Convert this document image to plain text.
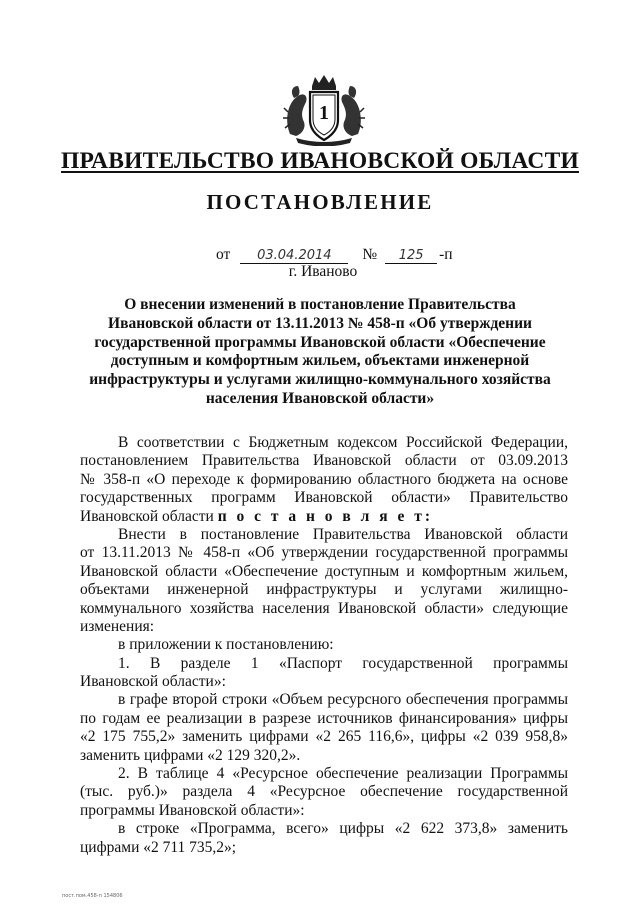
1
ПРАВИТЕЛЬСТВО ИВАНОВСКОЙ ОБЛАСТИ
ПОСТАНОВЛЕНИЕ
от	03.04.2014	№	125	-п
г. Иваново
О внесении изменений в постановление Правительства
Ивановской области от 13.11.2013 № 458-п «Об утверждении
государственной программы Ивановской области «Обеспечение
доступным и комфортным жильем, объектами инженерной
инфраструктуры и услугами жилищно-коммунального хозяйства
населения Ивановской области»
В соответствии с Бюджетным кодексом Российской Федерации,
постановлением Правительства Ивановской области от 03.09.2013
№ 358-п «О переходе к формированию областного бюджета на основе
государственных программ Ивановской области» Правительство
Ивановской области п о с т а н о в л я е т:
Внести в постановление Правительства Ивановской области
от 13.11.2013 № 458-п «Об утверждении государственной программы
Ивановской области «Обеспечение доступным и комфортным жильем,
объектами инженерной инфраструктуры и услугами жилищно-
коммунального хозяйства населения Ивановской области» следующие
изменения:
в приложении к постановлению:
1. В разделе 1 «Паспорт государственной программы
Ивановской области»:
в графе второй строки «Объем ресурсного обеспечения программы
по годам ее реализации в разрезе источников финансирования» цифры
«2 175 755,2» заменить цифрами «2 265 116,6», цифры «2 039 958,8»
заменить цифрами «2 129 320,2».
2. В таблице 4 «Ресурсное обеспечение реализации Программы
(тыс. руб.)» раздела 4 «Ресурсное обеспечение государственной
программы Ивановской области»:
в строке «Программа, всего» цифры «2 622 373,8» заменить
цифрами «2 711 735,2»;
пост.пом.458-п 154806
